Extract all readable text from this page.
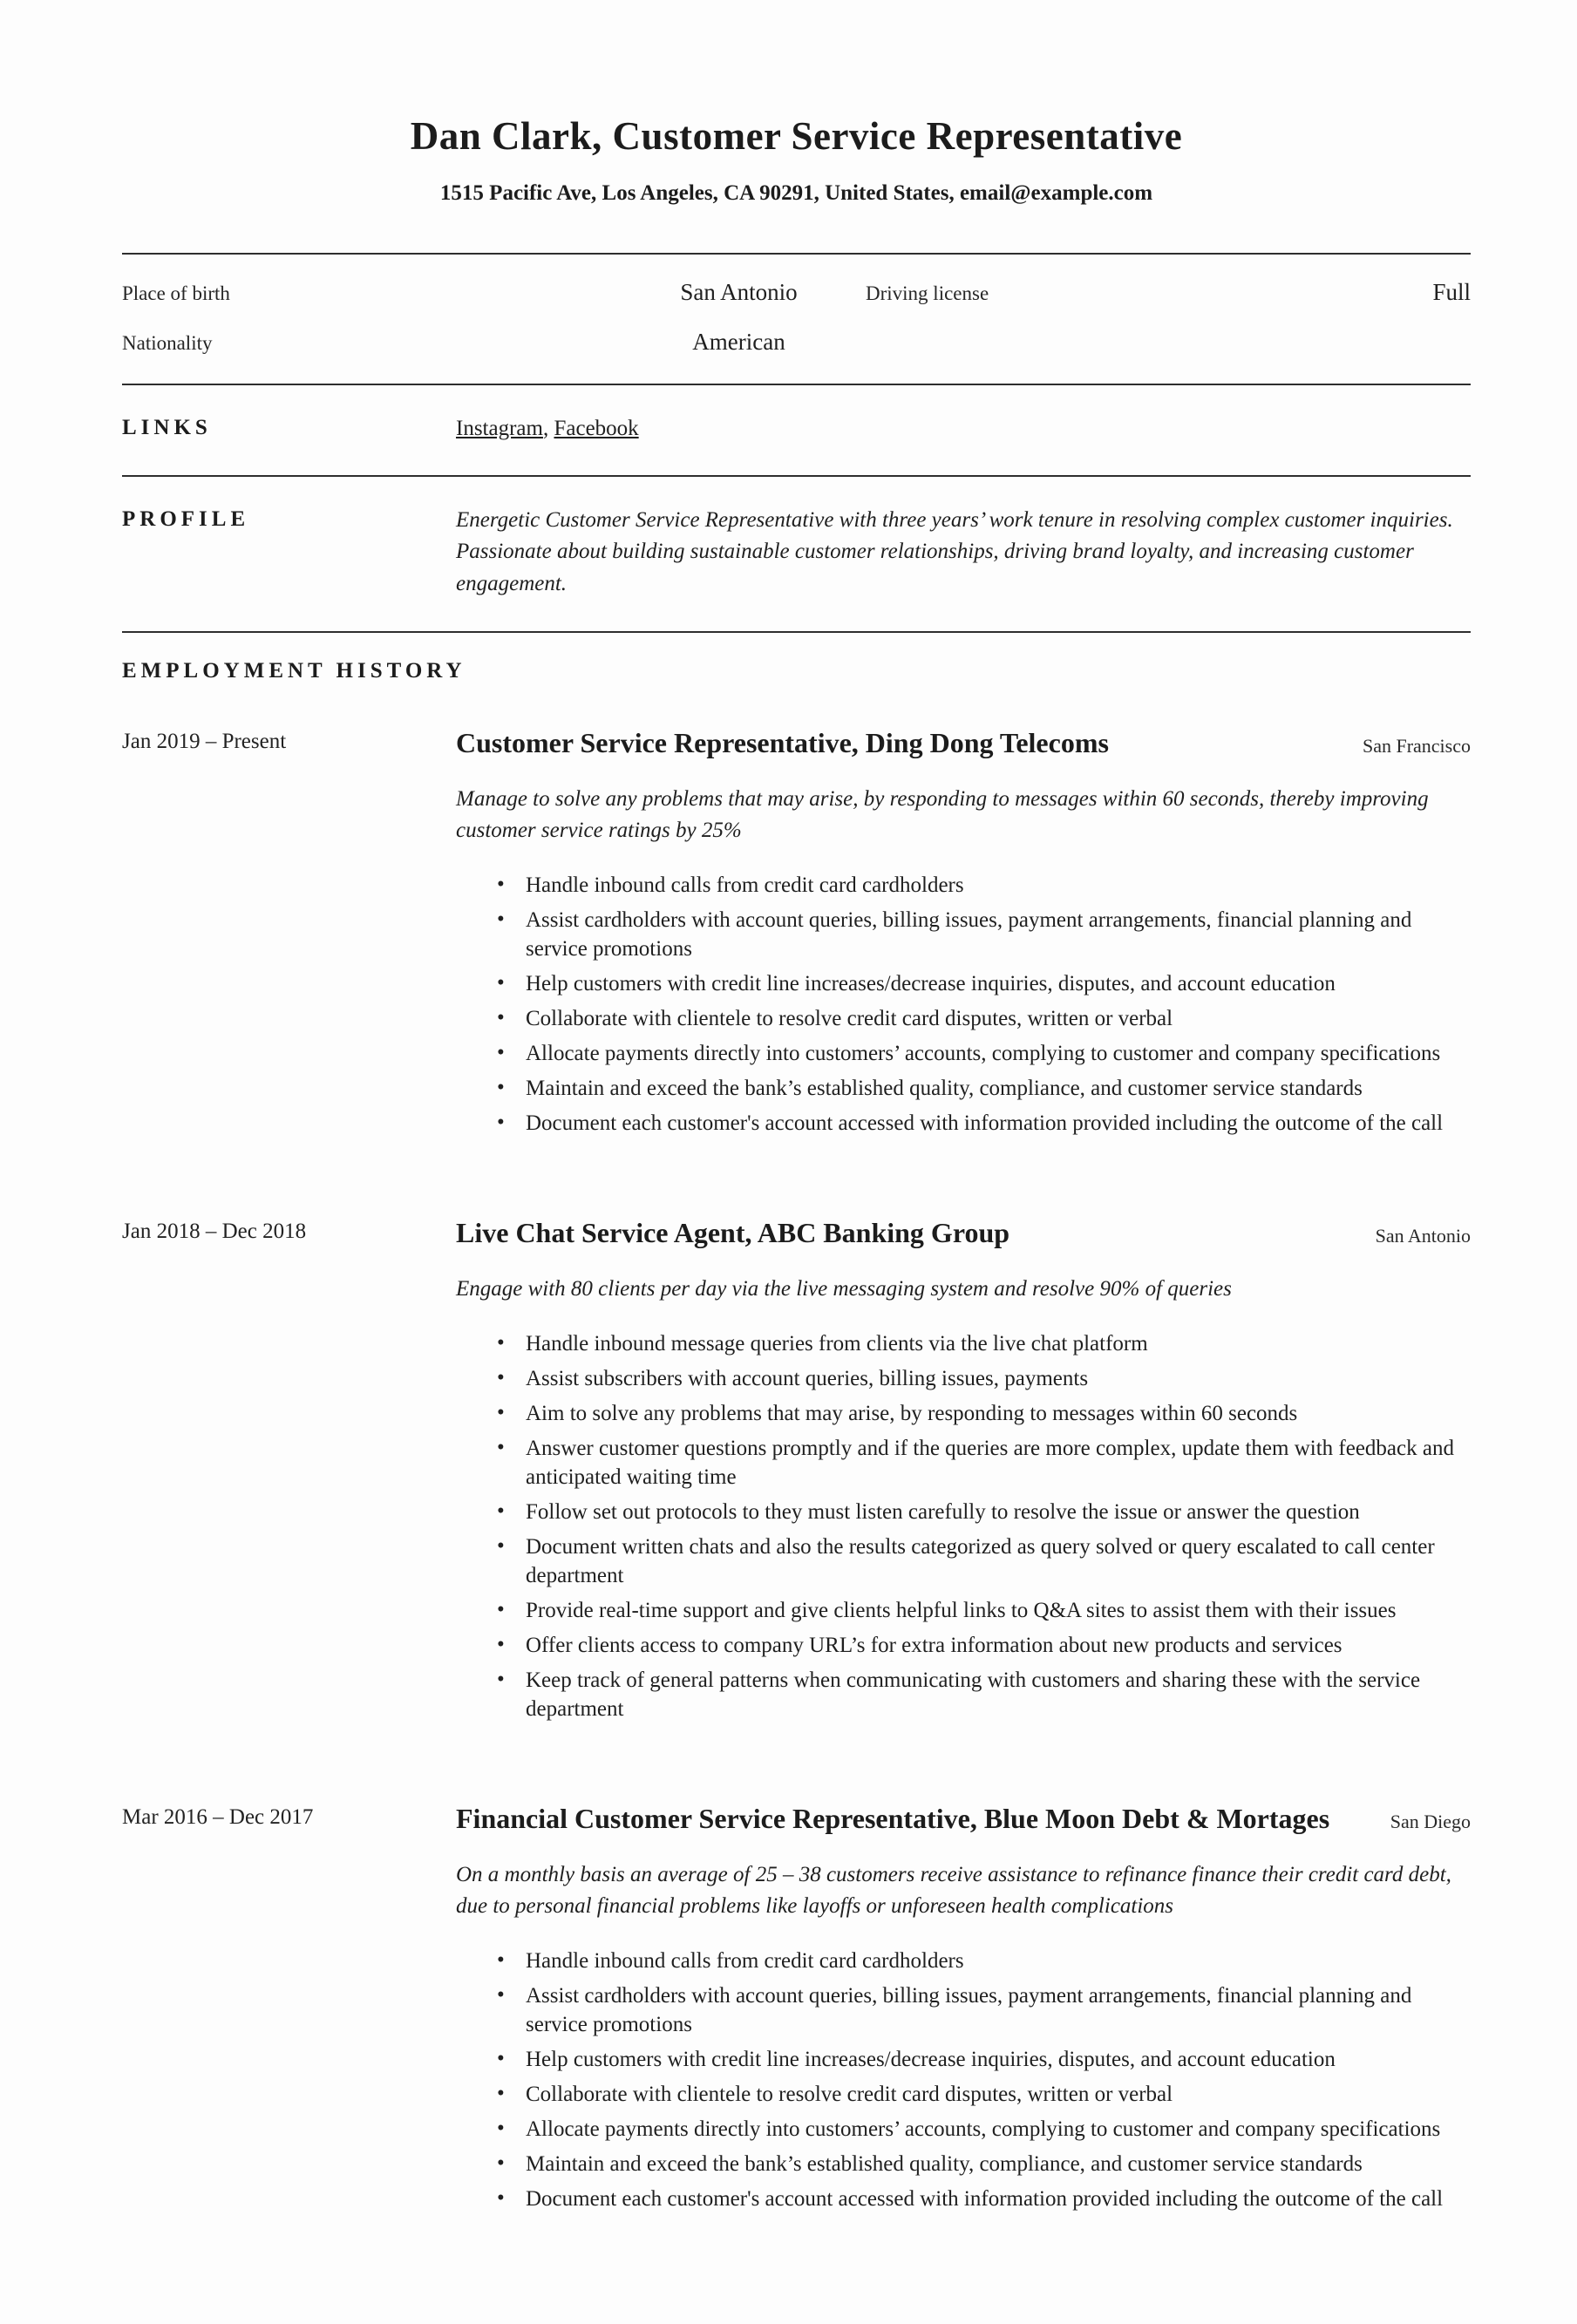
Dan Clark, Customer Service Representative
1515 Pacific Ave, Los Angeles, CA 90291, United States, email@example.com
Place of birth	San Antonio	Driving license	Full
Nationality	American
LINKS	Instagram, Facebook
PROFILE	Energetic Customer Service Representative with three years’ work tenure in resolving complex customer inquiries. Passionate about building sustainable customer relationships, driving brand loyalty, and increasing customer engagement.
EMPLOYMENT HISTORY
Jan 2019 – Present	Customer Service Representative, Ding Dong Telecoms	San Francisco

Manage to solve any problems that may arise, by responding to messages within 60 seconds, thereby improving customer service ratings by 25%

• Handle inbound calls from credit card cardholders
• Assist cardholders with account queries, billing issues, payment arrangements, financial planning and service promotions
• Help customers with credit line increases/decrease inquiries, disputes, and account education
• Collaborate with clientele to resolve credit card disputes, written or verbal
• Allocate payments directly into customers’ accounts, complying to customer and company specifications
• Maintain and exceed the bank’s established quality, compliance, and customer service standards
• Document each customer's account accessed with information provided including the outcome of the call
Jan 2018 – Dec 2018	Live Chat Service Agent, ABC Banking Group	San Antonio

Engage with 80 clients per day via the live messaging system and resolve 90% of queries

• Handle inbound message queries from clients via the live chat platform
• Assist subscribers with account queries, billing issues, payments
• Aim to solve any problems that may arise, by responding to messages within 60 seconds
• Answer customer questions promptly and if the queries are more complex, update them with feedback and anticipated waiting time
• Follow set out protocols to they must listen carefully to resolve the issue or answer the question
• Document written chats and also the results categorized as query solved or query escalated to call center department
• Provide real-time support and give clients helpful links to Q&A sites to assist them with their issues
• Offer clients access to company URL’s for extra information about new products and services
• Keep track of general patterns when communicating with customers and sharing these with the service department
Mar 2016 – Dec 2017	Financial Customer Service Representative, Blue Moon Debt & Mortages	San Diego

On a monthly basis an average of 25 – 38 customers receive assistance to refinance finance their credit card debt, due to personal financial problems like layoffs or unforeseen health complications

• Handle inbound calls from credit card cardholders
• Assist cardholders with account queries, billing issues, payment arrangements, financial planning and service promotions
• Help customers with credit line increases/decrease inquiries, disputes, and account education
• Collaborate with clientele to resolve credit card disputes, written or verbal
• Allocate payments directly into customers’ accounts, complying to customer and company specifications
• Maintain and exceed the bank’s established quality, compliance, and customer service standards
• Document each customer's account accessed with information provided including the outcome of the call
